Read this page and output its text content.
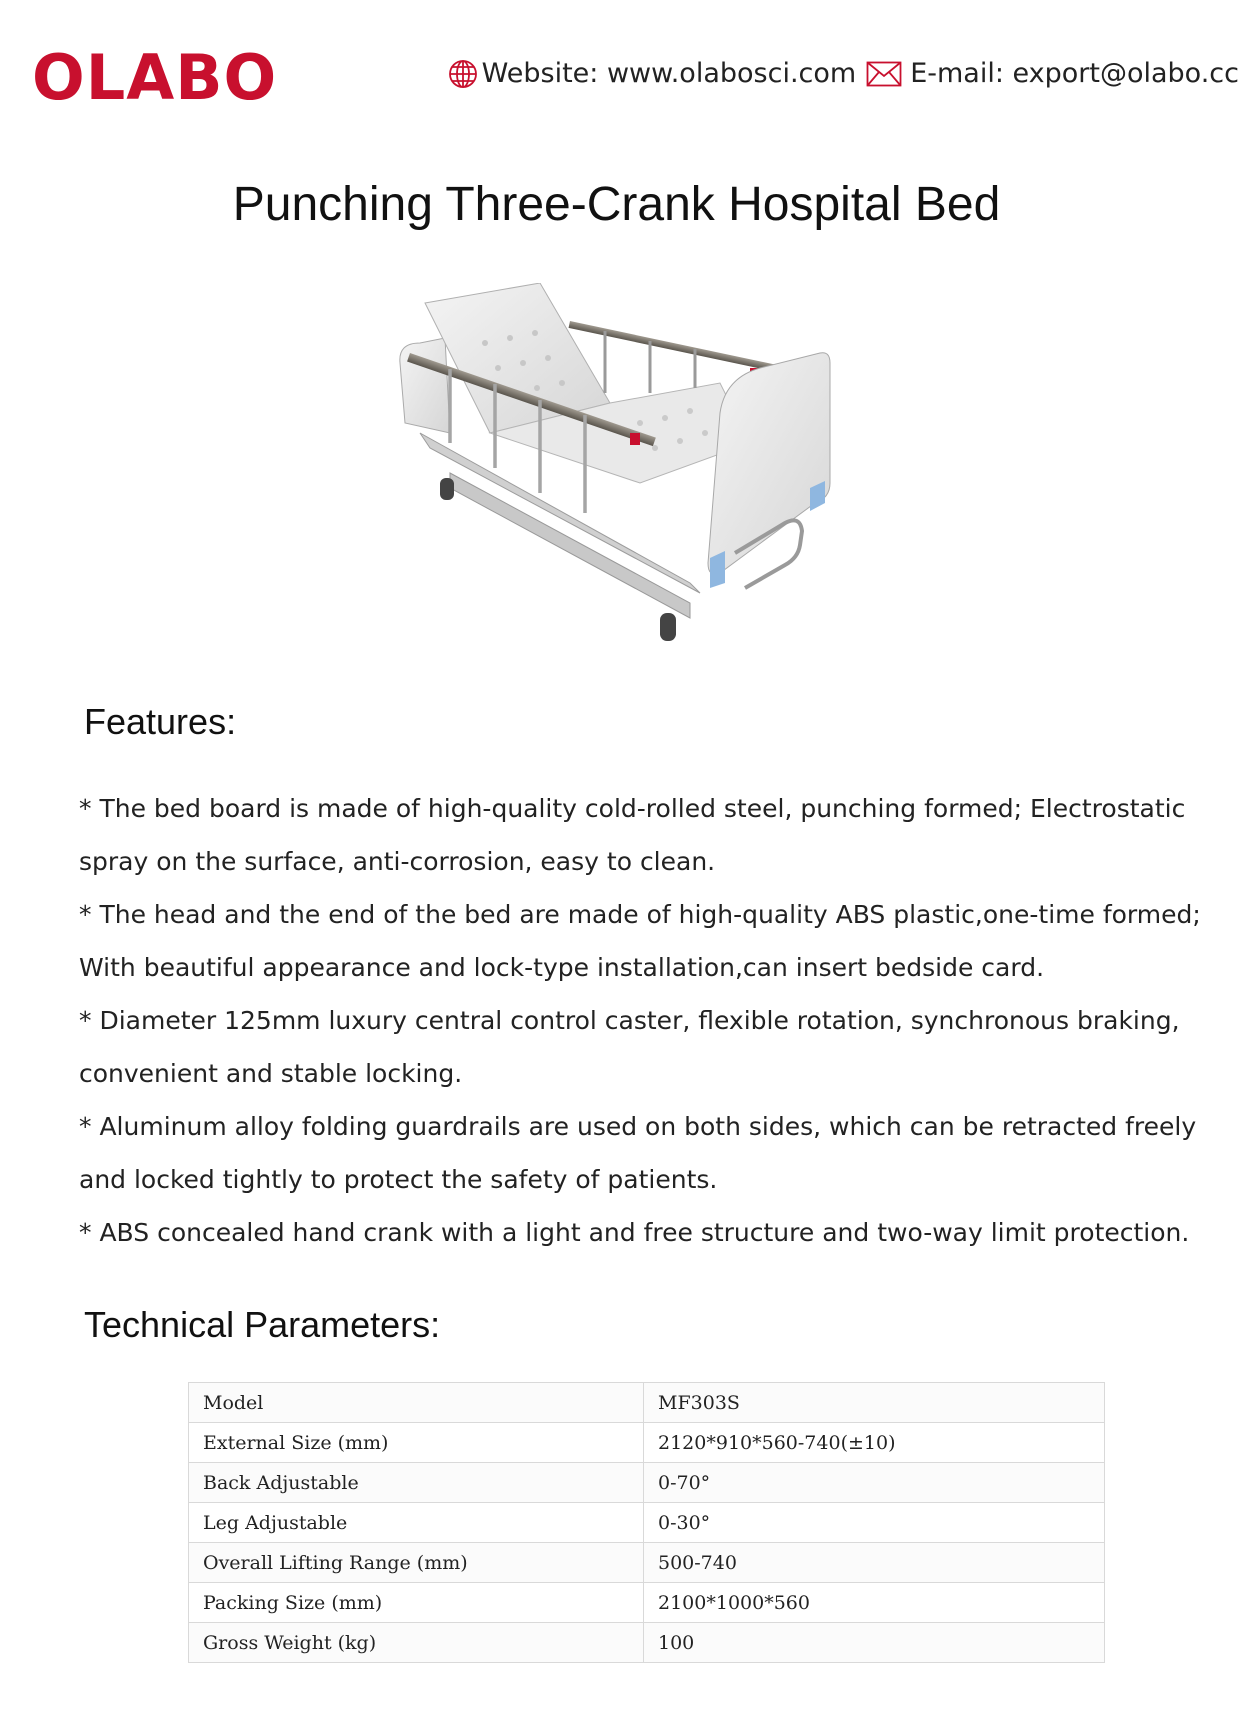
OLABO	Website: www.olabosci.com E-mail: export@olabo.cc
Punching Three-Crank Hospital Bed
Features:

* The bed board is made of high-quality cold-rolled steel, punching formed; Electrostatic spray on the surface, anti-corrosion, easy to clean.

* The head and the end of the bed are made of high-quality ABS plastic,one-time formed; With beautiful appearance and lock-type installation,can insert bedside card.

* Diameter 125mm luxury central control caster, flexible rotation, synchronous braking, convenient and stable locking.

* Aluminum alloy folding guardrails are used on both sides, which can be retracted freely and locked tightly to protect the safety of patients.

* ABS concealed hand crank with a light and free structure and two-way limit protection.

Technical Parameters:
Model	MF303S
External Size (mm)	2120*910*560-740(±10)
Back Adjustable	0-70°
Leg Adjustable	0-30°
Overall Lifting Range (mm)	500-740
Packing Size (mm)	2100*1000*560
Gross Weight (kg)	100
